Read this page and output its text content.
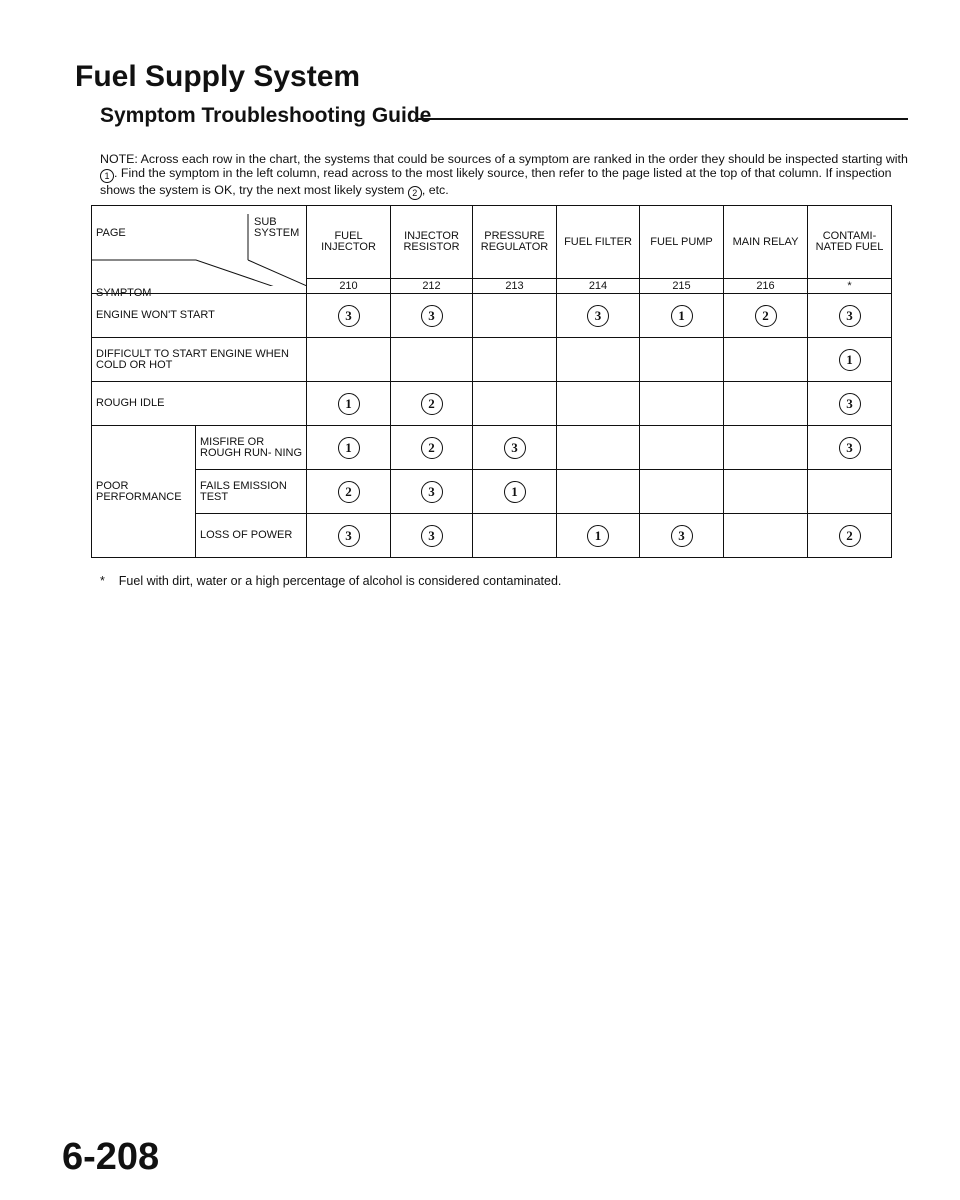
Fuel Supply System
Symptom Troubleshooting Guide
NOTE: Across each row in the chart, the systems that could be sources of a symptom are ranked in the order they should be inspected starting with 1 . Find the symptom in the left column, read across to the most likely source, then refer to the page listed at the top of that column. If inspection shows the system is OK, try the next most likely system 2 , etc.
PAGE
SUB SYSTEM
SYMPTOM		FUEL INJECTOR	INJECTOR RESISTOR	PRESSURE REGULATOR	FUEL FILTER	FUEL PUMP	MAIN RELAY	CONTAMI- NATED FUEL
		210	212	213	214	215	216	*
ENGINE WON'T START		3	3		3	1	2	3
DIFFICULT TO START ENGINE WHEN COLD OR HOT								1
ROUGH IDLE		1	2					3
POOR PERFORMANCE	MISFIRE OR ROUGH RUN- NING	1	2	3				3
	FAILS EMISSION TEST	2	3	1				
	LOSS OF POWER	3	3		1	3		2
* Fuel with dirt, water or a high percentage of alcohol is considered contaminated.
6-208
